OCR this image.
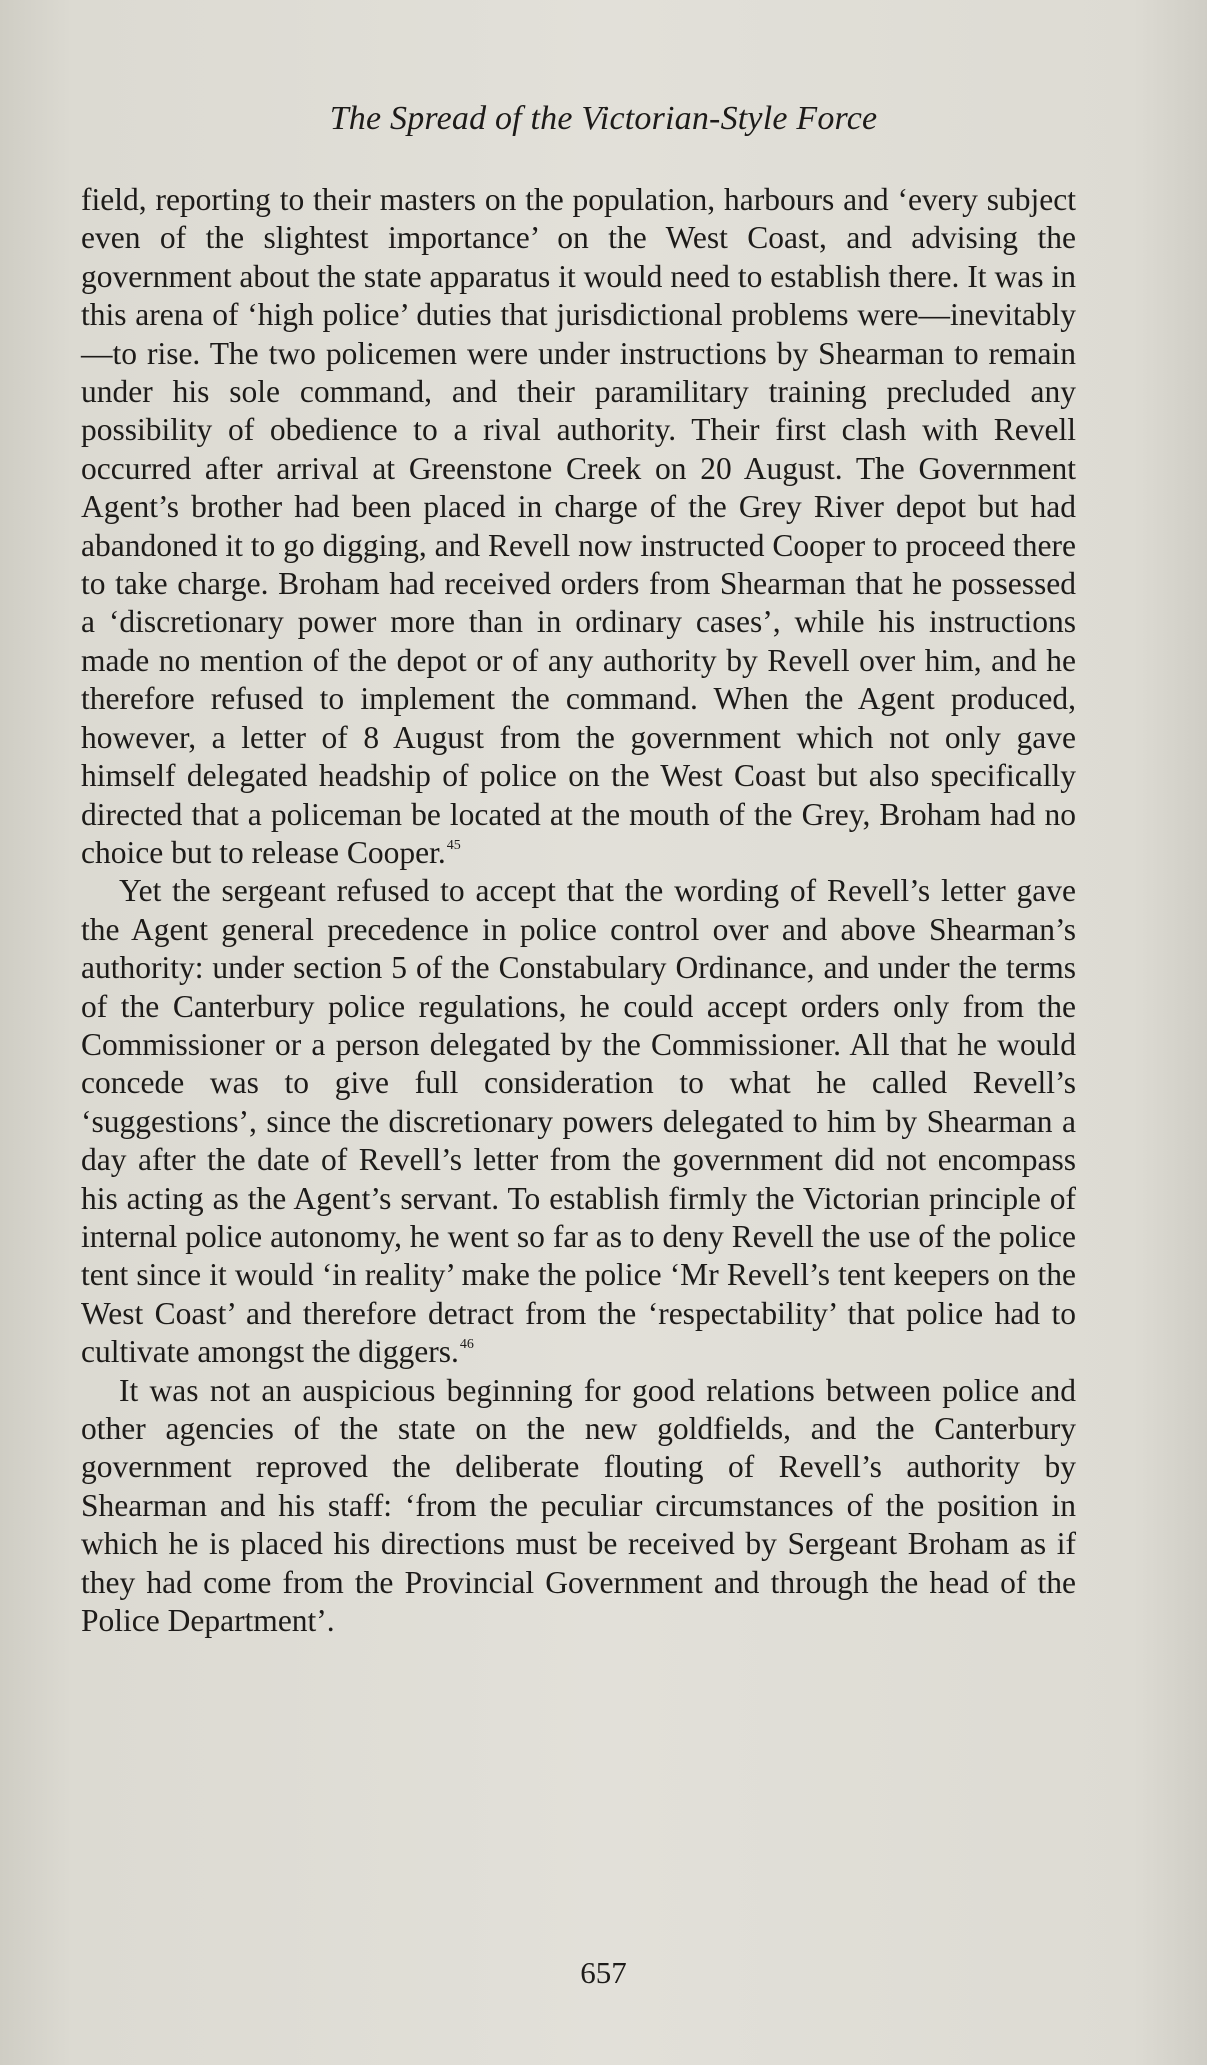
The Spread of the Victorian-Style Force

field, reporting to their masters on the population, harbours and ‘every subject even of the slightest importance’ on the West Coast, and advising the government about the state apparatus it would need to establish there. It was in this arena of ‘high police’ duties that jurisdictional problems were—inevitably—to rise. The two policemen were under instructions by Shearman to remain under his sole command, and their paramilitary training precluded any possibility of obedience to a rival authority. Their first clash with Revell occurred after arrival at Greenstone Creek on 20 August. The Government Agent’s brother had been placed in charge of the Grey River depot but had abandoned it to go digging, and Revell now instructed Cooper to proceed there to take charge. Broham had received orders from Shearman that he possessed a ‘discretionary power more than in ordinary cases’, while his instructions made no mention of the depot or of any authority by Revell over him, and he therefore refused to implement the command. When the Agent produced, however, a letter of 8 August from the government which not only gave himself delegated headship of police on the West Coast but also specifically directed that a policeman be located at the mouth of the Grey, Broham had no choice but to release Cooper.$^{45}$

Yet the sergeant refused to accept that the wording of Revell’s letter gave the Agent general precedence in police control over and above Shearman’s authority: under section 5 of the Constabulary Ordinance, and under the terms of the Canterbury police regulations, he could accept orders only from the Commissioner or a person delegated by the Commissioner. All that he would concede was to give full consideration to what he called Revell’s ‘suggestions’, since the discretionary powers delegated to him by Shearman a day after the date of Revell’s letter from the government did not encompass his acting as the Agent’s servant. To establish firmly the Victorian principle of internal police autonomy, he went so far as to deny Revell the use of the police tent since it would ‘in reality’ make the police ‘Mr Revell’s tent keepers on the West Coast’ and therefore detract from the ‘respectability’ that police had to cultivate amongst the diggers.$^{46}$

It was not an auspicious beginning for good relations between police and other agencies of the state on the new goldfields, and the Canterbury government reproved the deliberate flouting of Revell’s authority by Shearman and his staff: ‘from the peculiar circumstances of the position in which he is placed his directions must be received by Sergeant Broham as if they had come from the Provincial Government and through the head of the Police Department’.

657
